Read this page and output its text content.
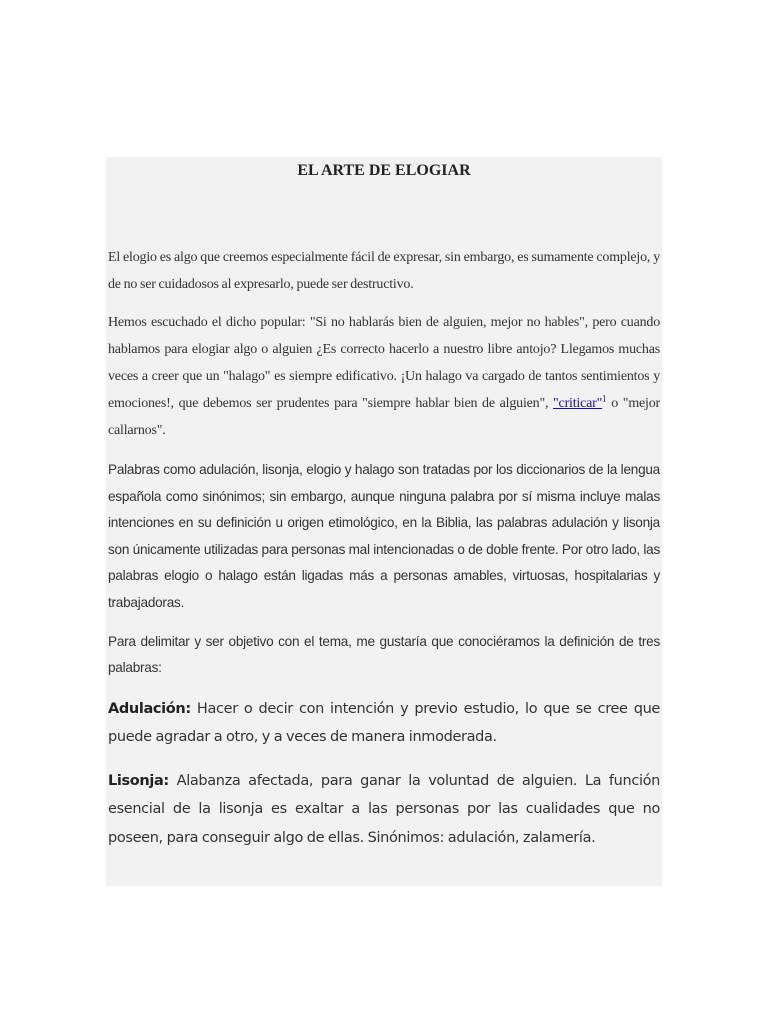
EL ARTE DE ELOGIAR

El elogio es algo que creemos especialmente fácil de expresar, sin embargo, es sumamente complejo, y de no ser cuidadosos al expresarlo, puede ser destructivo.

Hemos escuchado el dicho popular: "Si no hablarás bien de alguien, mejor no hables", pero cuando hablamos para elogiar algo o alguien ¿Es correcto hacerlo a nuestro libre antojo? Llegamos muchas veces a creer que un "halago" es siempre edificativo. ¡Un halago va cargado de tantos sentimientos y emociones!, que debemos ser prudentes para "siempre hablar bien de alguien", "criticar"$^1$ o "mejor callarnos".

Palabras como adulación, lisonja, elogio y halago son tratadas por los diccionarios de la lengua española como sinónimos; sin embargo, aunque ninguna palabra por sí misma incluye malas intenciones en su definición u origen etimológico, en la Biblia, las palabras adulación y lisonja son únicamente utilizadas para personas mal intencionadas o de doble frente. Por otro lado, las palabras elogio o halago están ligadas más a personas amables, virtuosas, hospitalarias y trabajadoras.

Para delimitar y ser objetivo con el tema, me gustaría que conociéramos la definición de tres palabras:

Adulación: Hacer o decir con intención y previo estudio, lo que se cree que puede agradar a otro, y a veces de manera inmoderada.

Lisonja: Alabanza afectada, para ganar la voluntad de alguien. La función esencial de la lisonja es exaltar a las personas por las cualidades que no poseen, para conseguir algo de ellas. Sinónimos: adulación, zalamería.
